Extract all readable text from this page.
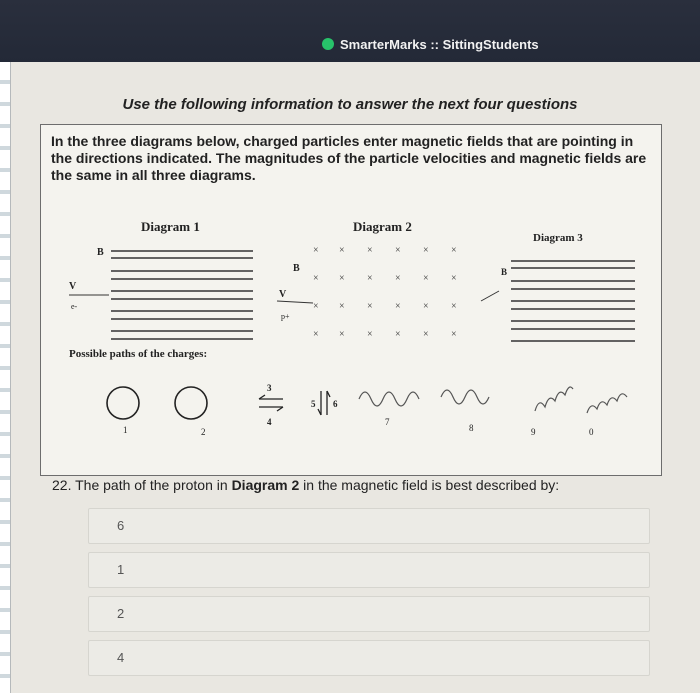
SmarterMarks :: SittingStudents
Use the following information to answer the next four questions
In the three diagrams below, charged particles enter magnetic fields that are pointing in the directions indicated. The magnitudes of the particle velocities and magnetic fields are the same in all three diagrams.
Diagram 1
B
V
e-
Diagram 2
× × × × × ×
× × × × × ×
× × × × × ×
× × × × × ×
B
V
p+
Diagram 3
B
Possible paths of the charges:
1	2
3
4
5 6
7
8	9	0
22. The path of the proton in Diagram 2 in the magnetic field is best described by:
6
1
2
4
